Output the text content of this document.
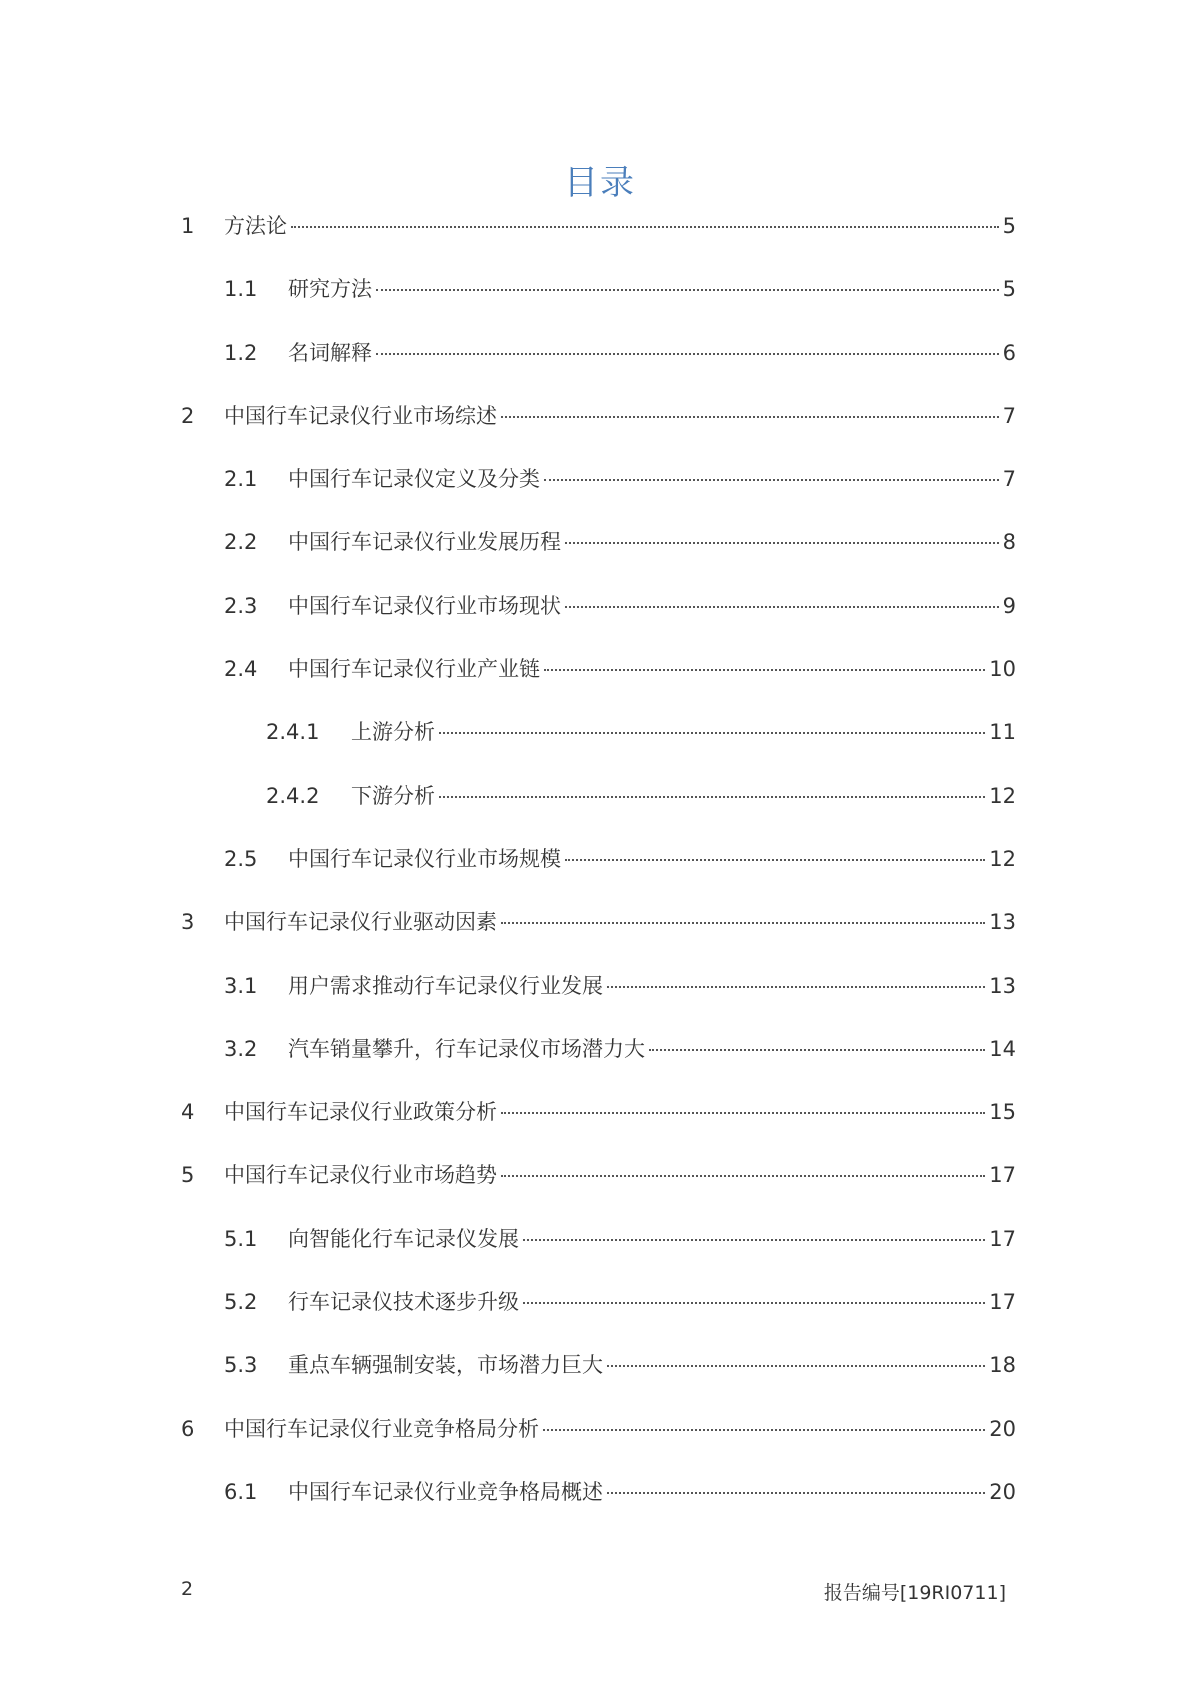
目录
1 方法论	5
1.1 研究方法	5
1.2 名词解释	6
2 中国行车记录仪行业市场综述	7
2.1 中国行车记录仪定义及分类	7
2.2 中国行车记录仪行业发展历程	8
2.3 中国行车记录仪行业市场现状	9
2.4 中国行车记录仪行业产业链	10
2.4.1 上游分析	11
2.4.2 下游分析	12
2.5 中国行车记录仪行业市场规模	12
3 中国行车记录仪行业驱动因素	13
3.1 用户需求推动行车记录仪行业发展	13
3.2 汽车销量攀升，行车记录仪市场潜力大	14
4 中国行车记录仪行业政策分析	15
5 中国行车记录仪行业市场趋势	17
5.1 向智能化行车记录仪发展	17
5.2 行车记录仪技术逐步升级	17
5.3 重点车辆强制安装，市场潜力巨大	18
6 中国行车记录仪行业竞争格局分析	20
6.1 中国行车记录仪行业竞争格局概述	20
2	报告编号[19RI0711]
